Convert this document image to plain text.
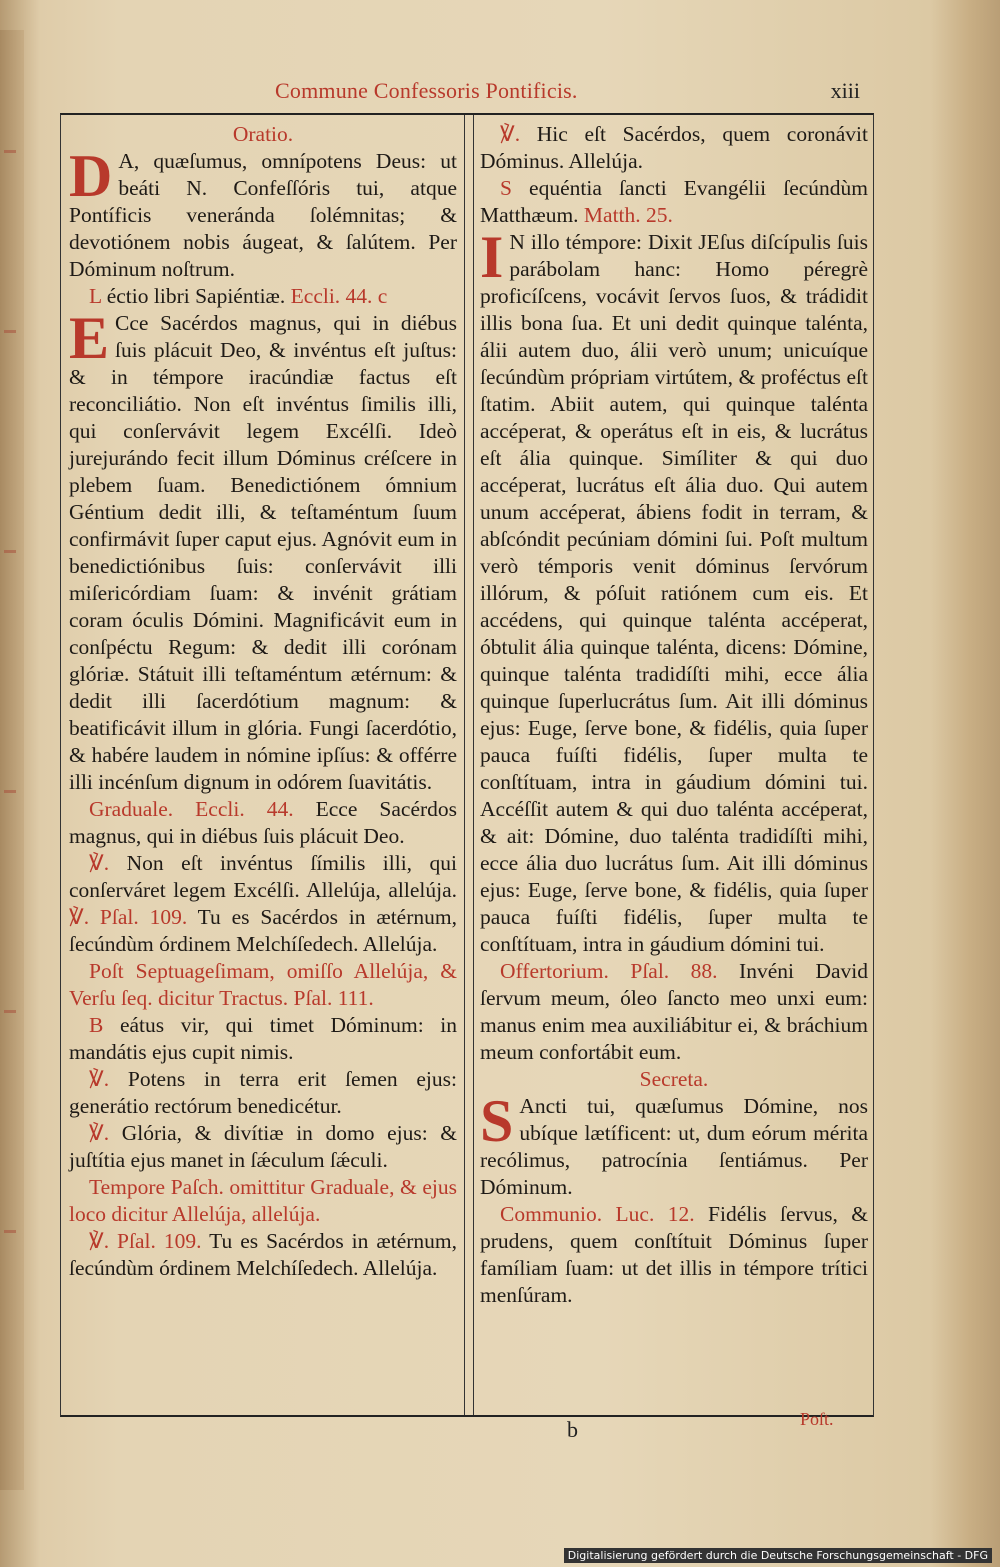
Commune Confessoris Pontificis.	xiii

Oratio.

D A, quæſumus, omnípotens Deus: ut beáti N. Confeſſóris tui, atque Pontíficis veneránda ſolémnitas; & devotiónem nobis áugeat, & ſalútem. Per Dóminum noſtrum.

L éctio libri Sapiéntiæ. Eccli. 44. c

E Cce Sacérdos magnus, qui in diébus ſuis plácuit Deo, & invéntus eſt juſtus: & in témpore iracúndiæ factus eſt reconciliátio. Non eſt invéntus ſimilis illi, qui conſervávit legem Excélſi. Ideò jurejurándo fecit illum Dóminus créſcere in plebem ſuam. Benedictiónem ómnium Géntium dedit illi, & teſtaméntum ſuum confirmávit ſuper caput ejus. Agnóvit eum in benedictiónibus ſuis: conſervávit illi miſericórdiam ſuam: & invénit grátiam coram óculis Dómini. Magnificávit eum in conſpéctu Regum: & dedit illi corónam glóriæ. Státuit illi teſtaméntum ætérnum: & dedit illi ſacerdótium magnum: & beatificávit illum in glória. Fungi ſacerdótio, & habére laudem in nómine ipſíus: & offérre illi incénſum dignum in odórem ſuavitátis.

Graduale. Eccli. 44. Ecce Sacérdos magnus, qui in diébus ſuis plácuit Deo.

℣. Non eſt invéntus ſímilis illi, qui conſerváret legem Excélſi. Allelúja, allelúja. ℣. Pſal. 109. Tu es Sacérdos in ætérnum, ſecúndùm órdinem Melchíſedech. Allelúja.

Poſt Septuageſimam, omiſſo Allelúja, & Verſu ſeq. dicitur Tractus. Pſal. 111.

B eátus vir, qui timet Dóminum: in mandátis ejus cupit nimis.

℣. Potens in terra erit ſemen ejus: generátio rectórum benedicétur.

℣. Glória, & divítiæ in domo ejus: & juſtítia ejus manet in ſǽculum ſǽculi.

Tempore Paſch. omittitur Graduale, & ejus loco dicitur Allelúja, allelúja.

℣. Pſal. 109. Tu es Sacérdos in ætérnum, ſecúndùm órdinem Melchíſedech. Allelúja.

℣. Hic eſt Sacérdos, quem coronávit Dóminus. Allelúja.

S equéntia ſancti Evangélii ſecúndùm Matthæum. Matth. 25.

I N illo témpore: Dixit JEſus diſcípulis ſuis parábolam hanc: Homo péregrè proficíſcens, vocávit ſervos ſuos, & trádidit illis bona ſua. Et uni dedit quinque talénta, álii autem duo, álii verò unum; unicuíque ſecúndùm própriam virtútem, & proféctus eſt ſtatim. Abiit autem, qui quinque talénta accéperat, & operátus eſt in eis, & lucrátus eſt ália quinque. Simíliter & qui duo accéperat, lucrátus eſt ália duo. Qui autem unum accéperat, ábiens fodit in terram, & abſcóndit pecúniam dómini ſui. Poſt multum verò témporis venit dóminus ſervórum illórum, & póſuit ratiónem cum eis. Et accédens, qui quinque talénta accéperat, óbtulit ália quinque talénta, dicens: Dómine, quinque talénta tradidíſti mihi, ecce ália quinque ſuperlucrátus ſum. Ait illi dóminus ejus: Euge, ſerve bone, & fidélis, quia ſuper pauca fuíſti fidélis, ſuper multa te conſtítuam, intra in gáudium dómini tui. Accéſſit autem & qui duo talénta accéperat, & ait: Dómine, duo talénta tradidíſti mihi, ecce ália duo lucrátus ſum. Ait illi dóminus ejus: Euge, ſerve bone, & fidélis, quia ſuper pauca fuíſti fidélis, ſuper multa te conſtítuam, intra in gáudium dómini tui.

Offertorium. Pſal. 88. Invéni David ſervum meum, óleo ſancto meo unxi eum: manus enim mea auxiliábitur ei, & bráchium meum confortábit eum.

Secreta.

S Ancti tui, quæſumus Dómine, nos ubíque lætíficent: ut, dum eórum mérita recólimus, patrocínia ſentiámus. Per Dóminum.

Communio. Luc. 12. Fidélis ſervus, & prudens, quem conſtítuit Dóminus ſuper famíliam ſuam: ut det illis in témpore trítici menſúram.

b	Poſt.
Digitalisierung gefördert durch die Deutsche Forschungsgemeinschaft - DFG
